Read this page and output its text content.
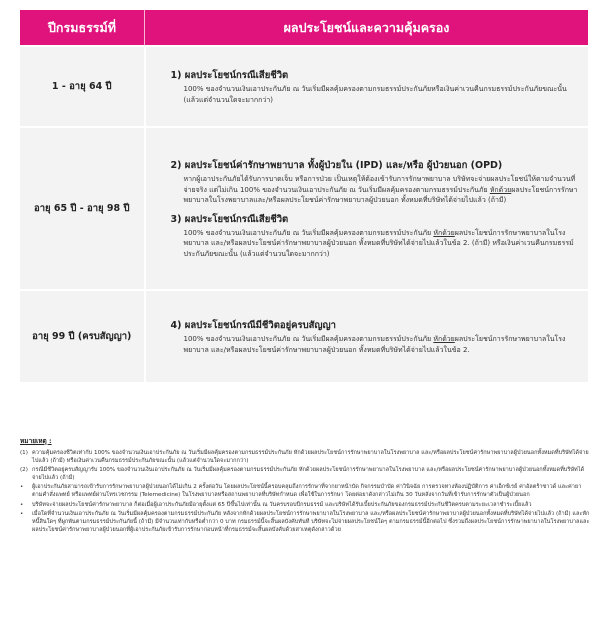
ปีกรมธรรม์ที่	ผลประโยชน์และความคุ้มครอง
1 - อายุ 64 ปี	1) ผลประโยชน์กรณีเสียชีวิต
100% ของจำนวนเงินเอาประกันภัย ณ วันเริ่มมีผลคุ้มครองตามกรมธรรม์ประกันภัยหรือเงินค่าเวนคืนกรมธรรม์ประกันภัยขณะนั้น (แล้วแต่จำนวนใดจะมากกว่า)

อายุ 65 ปี - อายุ 98 ปี	2) ผลประโยชน์ค่ารักษาพยาบาล ทั้งผู้ป่วยใน (IPD) และ/หรือ ผู้ป่วยนอก (OPD)
หากผู้เอาประกันภัยได้รับการบาดเจ็บ หรือการป่วย เป็นเหตุให้ต้องเข้ารับการรักษาพยาบาล บริษัทจะจ่ายผลประโยชน์ให้ตามจำนวนที่จ่ายจริง แต่ไม่เกิน 100% ของจำนวนเงินเอาประกันภัย ณ วันเริ่มมีผลคุ้มครองตามกรมธรรม์ประกันภัย หักด้วยผลประโยชน์การรักษาพยาบาลในโรงพยาบาลและ/หรือผลประโยชน์ค่ารักษาพยาบาลผู้ป่วยนอก ทั้งหมดที่บริษัทได้จ่ายไปแล้ว (ถ้ามี)
3) ผลประโยชน์กรณีเสียชีวิต
100% ของจำนวนเงินเอาประกันภัย ณ วันเริ่มมีผลคุ้มครองตามกรมธรรม์ประกันภัย หักด้วยผลประโยชน์การรักษาพยาบาลในโรงพยาบาล และ/หรือผลประโยชน์ค่ารักษาพยาบาลผู้ป่วยนอก ทั้งหมดที่บริษัทได้จ่ายไปแล้วในข้อ 2. (ถ้ามี) หรือเงินค่าเวนคืนกรมธรรม์ประกันภัยขณะนั้น (แล้วแต่จำนวนใดจะมากกว่า)

อายุ 99 ปี (ครบสัญญา)	4) ผลประโยชน์กรณีมีชีวิตอยู่ครบสัญญา
100% ของจำนวนเงินเอาประกันภัย ณ วันเริ่มมีผลคุ้มครองตามกรมธรรม์ประกันภัย หักด้วยผลประโยชน์การรักษาพยาบาลในโรงพยาบาล และ/หรือผลประโยชน์ค่ารักษาพยาบาลผู้ป่วยนอก ทั้งหมดที่บริษัทได้จ่ายไปแล้วในข้อ 2.
หมายเหตุ :
(1) ความคุ้มครองชีวิตเท่ากับ 100% ของจำนวนเงินเอาประกันภัย ณ วันเริ่มมีผลคุ้มครองตามกรมธรรม์ประกันภัย หักด้วยผลประโยชน์การรักษาพยาบาลในโรงพยาบาล และ/หรือผลประโยชน์ค่ารักษาพยาบาลผู้ป่วยนอกทั้งหมดที่บริษัทได้จ่ายไปแล้ว (ถ้ามี) หรือเงินค่าเวนคืนกรมธรรม์ประกันภัยขณะนั้น (แล้วแต่จำนวนใดจะมากกว่า)
(2) กรณีมีชีวิตอยู่ครบสัญญารับ 100% ของจำนวนเงินเอาประกันภัย ณ วันเริ่มมีผลคุ้มครองตามกรมธรรม์ประกันภัย หักด้วยผลประโยชน์การรักษาพยาบาลในโรงพยาบาล และ/หรือผลประโยชน์ค่ารักษาพยาบาลผู้ป่วยนอกทั้งหมดที่บริษัทได้จ่ายไปแล้ว (ถ้ามี)
•	ผู้เอาประกันภัยสามารถเข้ารับการรักษาพยาบาลผู้ป่วยนอกได้ไม่เกิน 2 ครั้งต่อวัน โดยผลประโยชน์นี้ครอบคลุมถึงการรักษาที่จากยาหน้าบัด กิจกรรมบำบัด ค่าวินิจฉัย การตรวจทางห้องปฏิบัติการ ค่าเอ็กซ์เรย์ ค่าอัลตร้าซาวด์ และค่ายา ตามคำสั่งแพทย์ หรือแพทย์ผ่านโทรเวชกรรม (Telemedicine) ในโรงพยาบาลหรือสถานพยาบาลที่บริษัทกำหนด เพื่อใช้ในการรักษา โดยต่อยาดังกล่าวไม่เกิน 30 วันหลังจากวันที่เข้ารับการรักษาตัวเป็นผู้ป่วยนอก
•	บริษัทจะจ่ายผลประโยชน์ค่ารักษาพยาบาล ก็ต่อเมื่อผู้เอาประกันภัยมีอายุตั้งแต่ 65 ปีขึ้นไปเท่านั้น ณ วันครบรอบปีกรมธรรม์ และบริษัทได้รับเบี้ยประกันภัยของกรมธรรม์ประกันชีวิตครบตามระยะเวลาชำระเบี้ยแล้ว
•	เมื่อใดที่จำนวนเงินเอาประกันภัย ณ วันเริ่มมีผลคุ้มครองตามกรมธรรม์ประกันภัย หลังจากหักด้วยผลประโยชน์การรักษาพยาบาลในโรงพยาบาล และ/หรือผลประโยชน์ค่ารักษาพยาบาลผู้ป่วยนอกทั้งหมดที่บริษัทได้จ่ายไปแล้ว (ถ้ามี) และหักหนี้สินใดๆ ที่ผูกพันตามกรมธรรม์ประกันภัยนี้ (ถ้ามี) มีจำนวนเท่ากับหรือต่ำกว่า 0 บาท กรมธรรม์นี้จะสิ้นผลบังคับทันที บริษัทจะไม่จ่ายผลประโยชน์ใดๆ ตามกรมธรรม์นี้อีกต่อไป ซึ่งรวมถึงผลประโยชน์การรักษาพยาบาลในโรงพยาบาลและผลประโยชน์ค่ารักษาพยาบาลผู้ป่วยนอกที่ผู้เอาประกันภัยเข้ารับการรักษาก่อนหน้าที่กรมธรรม์จะสิ้นผลบังคับด้วยสาเหตุดังกล่าวด้วย
